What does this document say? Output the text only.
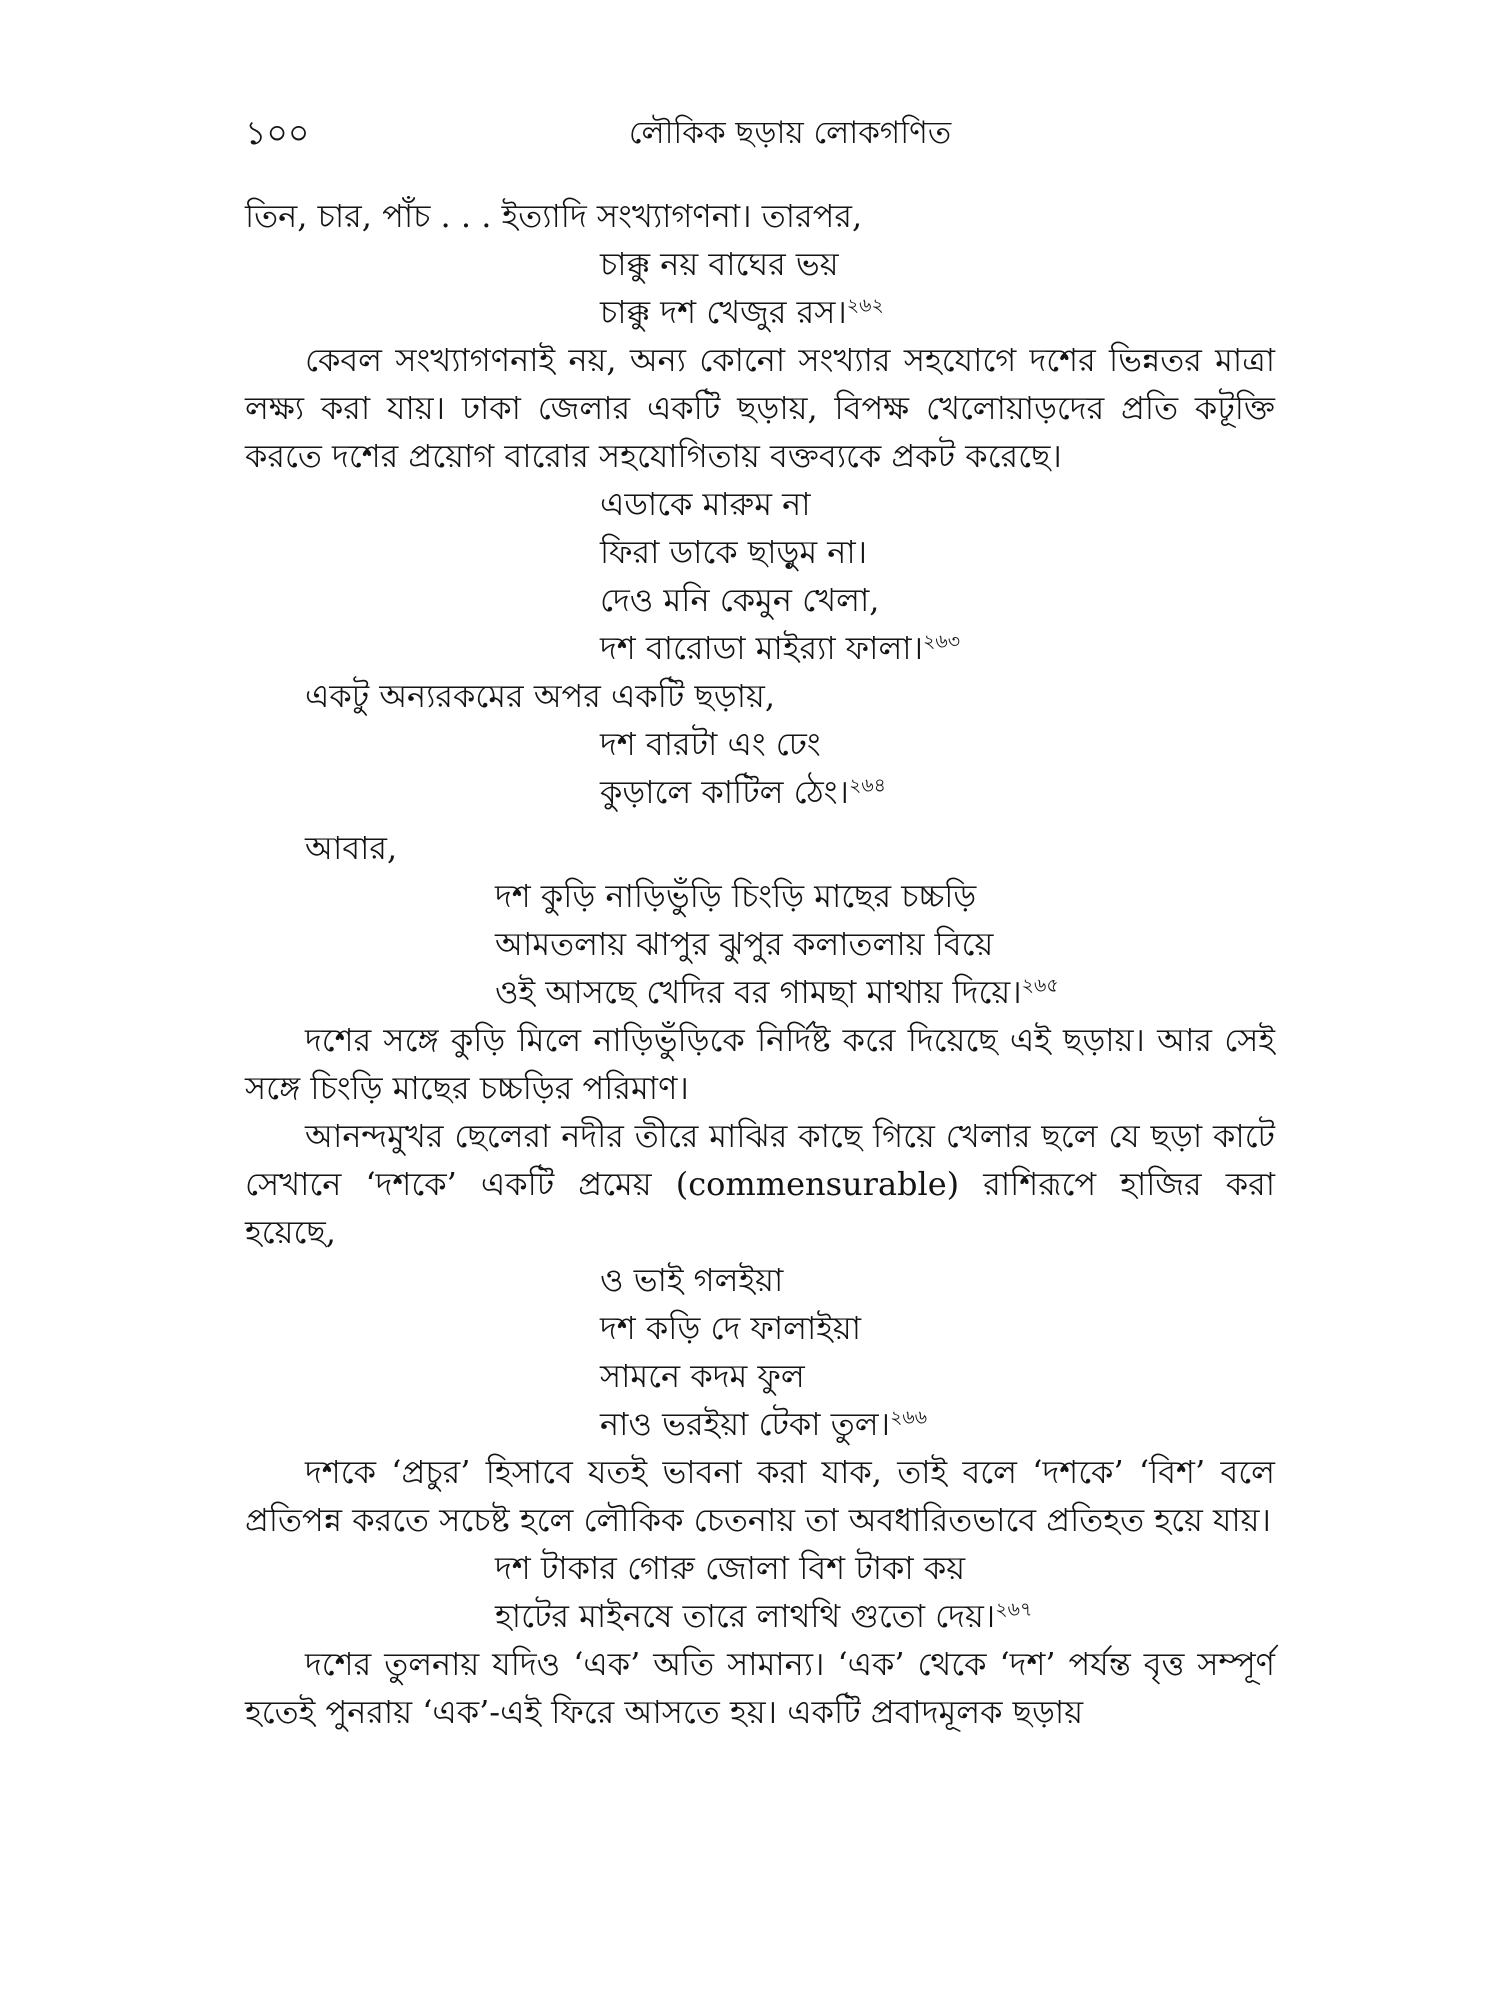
১০০	লৌকিক ছড়ায় লোকগণিত

তিন, চার, পাঁচ . . . ইত্যাদি সংখ্যাগণনা। তারপর,

চাক্কু নয় বাঘের ভয়
চাক্কু দশ খেজুর রস।$^{২৬২}$

কেবল সংখ্যাগণনাই নয়, অন্য কোনো সংখ্যার সহযোগে দশের ভিন্নতর মাত্রা লক্ষ্য করা যায়। ঢাকা জেলার একটি ছড়ায়, বিপক্ষ খেলোয়াড়দের প্রতি কটূক্তি করতে দশের প্রয়োগ বারোর সহযোগিতায় বক্তব্যকে প্রকট করেছে।

এডাকে মারুম না
ফিরা ডাকে ছাড়ুম না।
দেও মনি কেমুন খেলা,
দশ বারোডা মাইর‍্যা ফালা।$^{২৬৩}$

একটু অন্যরকমের অপর একটি ছড়ায়,

দশ বারটা এং ঢেং
কুড়ালে কাটিল ঠেং।$^{২৬৪}$

আবার,

দশ কুড়ি নাড়িভুঁড়ি চিংড়ি মাছের চচ্চড়ি
আমতলায় ঝাপুর ঝুপুর কলাতলায় বিয়ে
ওই আসছে খেদির বর গামছা মাথায় দিয়ে।$^{২৬৫}$

দশের সঙ্গে কুড়ি মিলে নাড়িভুঁড়িকে নির্দিষ্ট করে দিয়েছে এই ছড়ায়। আর সেই সঙ্গে চিংড়ি মাছের চচ্চড়ির পরিমাণ।

আনন্দমুখর ছেলেরা নদীর তীরে মাঝির কাছে গিয়ে খেলার ছলে যে ছড়া কাটে সেখানে ‘দশকে’ একটি প্রমেয় (commensurable) রাশিরূপে হাজির করা হয়েছে,

ও ভাই গলইয়া
দশ কড়ি দে ফালাইয়া
সামনে কদম ফুল
নাও ভরইয়া টেকা তুল।$^{২৬৬}$

দশকে ‘প্রচুর’ হিসাবে যতই ভাবনা করা যাক, তাই বলে ‘দশকে’ ‘বিশ’ বলে প্রতিপন্ন করতে সচেষ্ট হলে লৌকিক চেতনায় তা অবধারিতভাবে প্রতিহত হয়ে যায়।

দশ টাকার গোরু জোলা বিশ টাকা কয়
হাটের মাইনষে তারে লাথথি গুতো দেয়।$^{২৬৭}$

দশের তুলনায় যদিও ‘এক’ অতি সামান্য। ‘এক’ থেকে ‘দশ’ পর্যন্ত বৃত্ত সম্পূর্ণ হতেই পুনরায় ‘এক’-এই ফিরে আসতে হয়। একটি প্রবাদমূলক ছড়ায়
